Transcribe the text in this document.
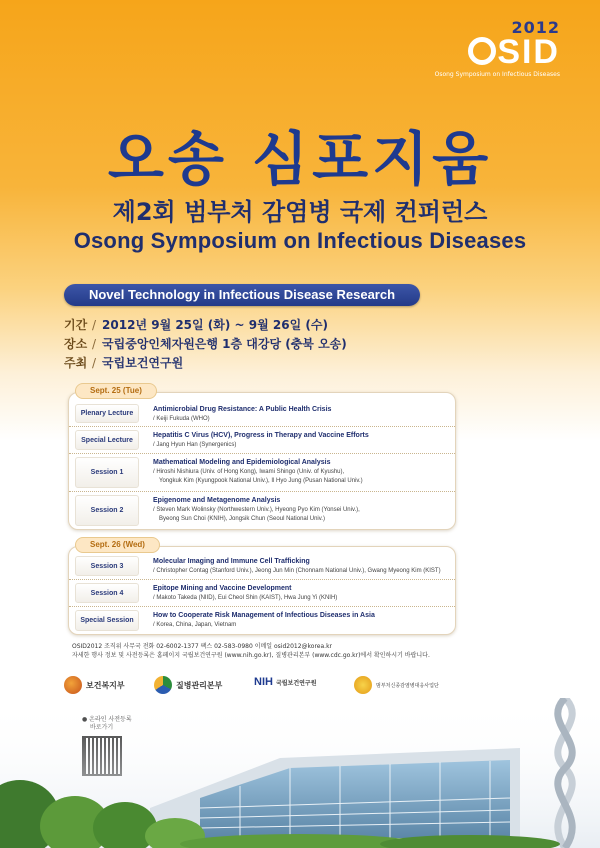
2012
SID
Osong Symposium on Infectious Diseases
오송 심포지움
제2회 범부처 감염병 국제 컨퍼런스
Osong Symposium on Infectious Diseases
Novel Technology in Infectious Disease Research
기간 / 2012년 9월 25일 (화) ~ 9월 26일 (수)
장소 / 국립중앙인체자원은행 1층 대강당 (충북 오송)
주최 / 국립보건연구원
Sept. 25 (Tue)
Plenary Lecture
Antimicrobial Drug Resistance: A Public Health Crisis
/ Keiji Fukuda (WHO)
Special Lecture
Hepatitis C Virus (HCV), Progress in Therapy and Vaccine Efforts
/ Jang Hyun Han (Synergenics)
Session 1
Mathematical Modeling and Epidemiological Analysis
/ Hiroshi Nishiura (Univ. of Hong Kong), Iwami Shingo (Univ. of Kyushu),
Yongkuk Kim (Kyungpook National Univ.), Il Hyo Jung (Pusan National Univ.)
Session 2
Epigenome and Metagenome Analysis
/ Steven Mark Wolinsky (Northwestern Univ.), Hyeong Pyo Kim (Yonsei Univ.),
Byeong Sun Choi (KNIH), Jongsik Chun (Seoul National Univ.)
Sept. 26 (Wed)
Session 3
Molecular Imaging and Immune Cell Trafficking
/ Christopher Contag (Stanford Univ.), Jeong Jun Min (Chonnam National Univ.), Gwang Myeong Kim (KIST)
Session 4
Epitope Mining and Vaccine Development
/ Makoto Takeda (NIID), Eui Cheol Shin (KAIST), Hwa Jung Yi (KNIH)
Special Session
How to Cooperate Risk Management of Infectious Diseases in Asia
/ Korea, China, Japan, Vietnam
OSID2012 조직위 사무국 전화 02-6002-1377 팩스 02-583-0980 이메일 osid2012@korea.kr
자세한 행사 정보 및 사전등록은 홈페이지 국립보건연구원 (www.nih.go.kr), 질병관리본부 (www.cdc.go.kr)에서 확인하시기 바랍니다.
보건복지부	질병관리본부	NIH 국립보건연구원	범부처신종감염병대응사업단
